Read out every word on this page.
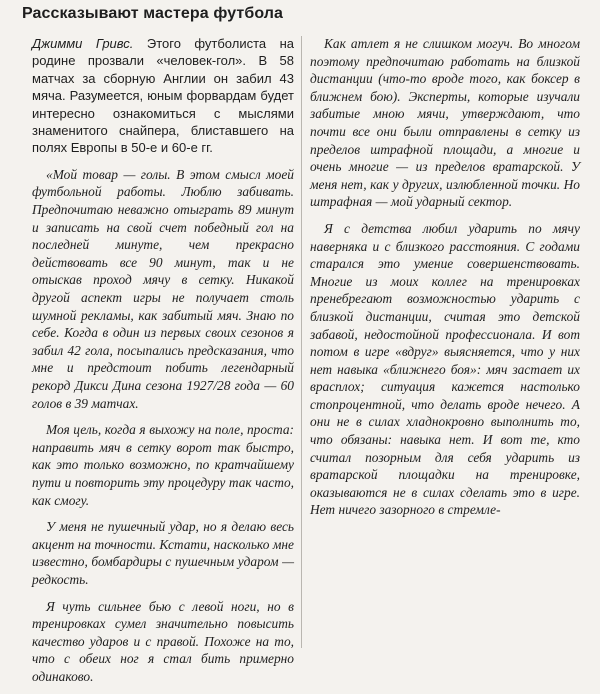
Рассказывают мастера футбола

Джимми Гривс. Этого футболиста на родине прозвали «человек-гол». В 58 матчах за сборную Англии он забил 43 мяча. Разумеется, юным форвардам будет интересно ознакомиться с мыслями знаменитого снайпера, блиставшего на полях Европы в 50-е и 60-е гг.

«Мой товар — голы. В этом смысл моей футбольной работы. Люблю забивать. Предпочитаю неважно отыграть 89 минут и записать на свой счет победный гол на последней минуте, чем прекрасно действовать все 90 минут, так и не отыскав проход мячу в сетку. Никакой другой аспект игры не получает столь шумной рекламы, как забитый мяч. Знаю по себе. Когда в один из первых своих сезонов я забил 42 гола, посыпались предсказания, что мне и предстоит побить легендарный рекорд Дикси Дина сезона 1927/28 года — 60 голов в 39 матчах.

Моя цель, когда я выхожу на поле, проста: направить мяч в сетку ворот так быстро, как это только возможно, по кратчайшему пути и повторить эту процедуру так часто, как смогу.

У меня не пушечный удар, но я делаю весь акцент на точности. Кстати, насколько мне известно, бомбардиры с пушечным ударом — редкость.

Я чуть сильнее бью с левой ноги, но в тренировках сумел значительно повысить качество ударов и с правой. Похоже на то, что с обеих ног я стал бить примерно одинаково.

Как атлет я не слишком могуч. Во многом поэтому предпочитаю работать на близкой дистанции (что-то вроде того, как боксер в ближнем бою). Эксперты, которые изучали забитые мною мячи, утверждают, что почти все они были отправлены в сетку из пределов штрафной площади, а многие и очень многие — из пределов вратарской. У меня нет, как у других, излюбленной точки. Но штрафная — мой ударный сектор.

Я с детства любил ударить по мячу наверняка и с близкого расстояния. С годами старался это умение совершенствовать. Многие из моих коллег на тренировках пренебрегают возможностью ударить с близкой дистанции, считая это детской забавой, недостойной профессионала. И вот потом в игре «вдруг» выясняется, что у них нет навыка «ближнего боя»: мяч застает их врасплох; ситуация кажется настолько стопроцентной, что делать вроде нечего. А они не в силах хладнокровно выполнить то, что обязаны: навыка нет. И вот те, кто считал позорным для себя ударить из вратарской площадки на тренировке, оказываются не в силах сделать это в игре. Нет ничего зазорного в стремле-
